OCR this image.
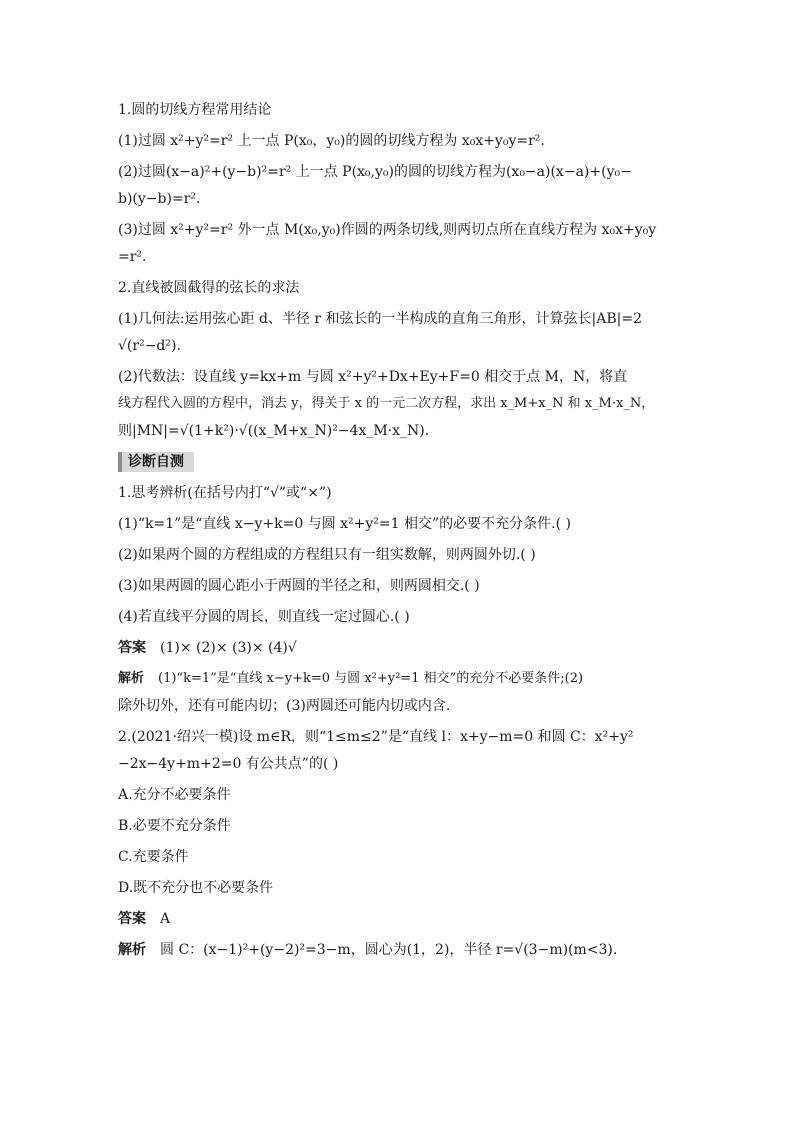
1.圆的切线方程常用结论
(1)过圆 x²+y²=r² 上一点 P(x₀，y₀)的圆的切线方程为 x₀x+y₀y=r².
(2)过圆(x−a)²+(y−b)²=r² 上一点 P(x₀,y₀)的圆的切线方程为(x₀−a)(x−a)+(y₀−
b)(y−b)=r².
(3)过圆 x²+y²=r² 外一点 M(x₀,y₀)作圆的两条切线,则两切点所在直线方程为 x₀x+y₀y
=r².
2.直线被圆截得的弦长的求法
(1)几何法:运用弦心距 d、半径 r 和弦长的一半构成的直角三角形，计算弦长|AB|=2
√(r²−d²).
(2)代数法：设直线 y=kx+m 与圆 x²+y²+Dx+Ey+F=0 相交于点 M，N，将直
线方程代入圆的方程中，消去 y，得关于 x 的一元二次方程，求出 x_M+x_N 和 x_M·x_N，
则|MN|=√(1+k²)·√((x_M+x_N)²−4x_M·x_N).
诊断自测
1.思考辨析(在括号内打“√”或“×”)
(1)“k=1”是“直线 x−y+k=0 与圆 x²+y²=1 相交”的必要不充分条件.( )
(2)如果两个圆的方程组成的方程组只有一组实数解，则两圆外切.( )
(3)如果两圆的圆心距小于两圆的半径之和，则两圆相交.( )
(4)若直线平分圆的周长，则直线一定过圆心.( )
答案 (1)× (2)× (3)× (4)√
解析 (1)“k=1”是“直线 x−y+k=0 与圆 x²+y²=1 相交”的充分不必要条件;(2)
除外切外，还有可能内切；(3)两圆还可能内切或内含.
2.(2021·绍兴一模)设 m∈R，则“1≤m≤2”是“直线 l：x+y−m=0 和圆 C：x²+y²
−2x−4y+m+2=0 有公共点”的( )
A.充分不必要条件
B.必要不充分条件
C.充要条件
D.既不充分也不必要条件
答案 A
解析 圆 C：(x−1)²+(y−2)²=3−m，圆心为(1，2)，半径 r=√(3−m)(m<3).
